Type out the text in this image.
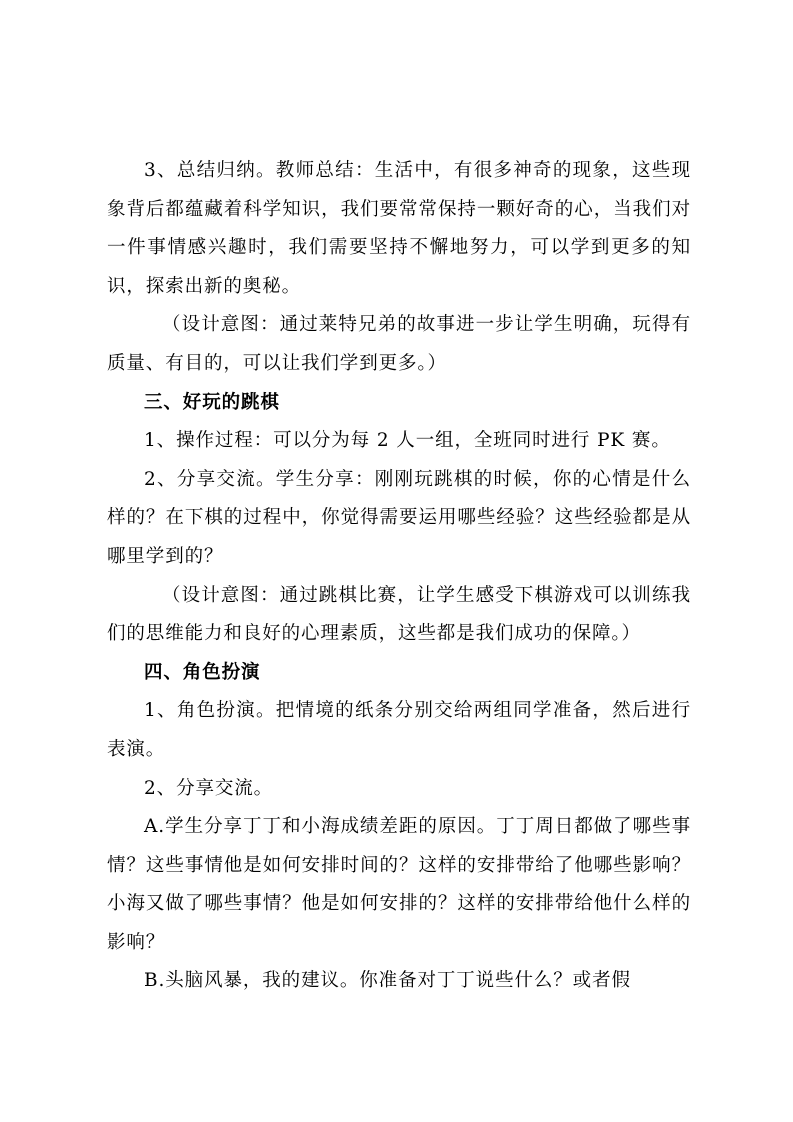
3、总结归纳。教师总结：生活中，有很多神奇的现象，这些现象背后都蕴藏着科学知识，我们要常常保持一颗好奇的心，当我们对一件事情感兴趣时，我们需要坚持不懈地努力，可以学到更多的知识，探索出新的奥秘。

（设计意图：通过莱特兄弟的故事进一步让学生明确，玩得有质量、有目的，可以让我们学到更多。）

三、好玩的跳棋

1、操作过程：可以分为每 2 人一组，全班同时进行 PK 赛。

2、分享交流。学生分享：刚刚玩跳棋的时候，你的心情是什么样的？在下棋的过程中，你觉得需要运用哪些经验？这些经验都是从哪里学到的？

（设计意图：通过跳棋比赛，让学生感受下棋游戏可以训练我们的思维能力和良好的心理素质，这些都是我们成功的保障。）

四、角色扮演

1、角色扮演。把情境的纸条分别交给两组同学准备，然后进行表演。

2、分享交流。

A.学生分享丁丁和小海成绩差距的原因。丁丁周日都做了哪些事情？这些事情他是如何安排时间的？这样的安排带给了他哪些影响？小海又做了哪些事情？他是如何安排的？这样的安排带给他什么样的影响？

B.头脑风暴，我的建议。你准备对丁丁说些什么？或者假
